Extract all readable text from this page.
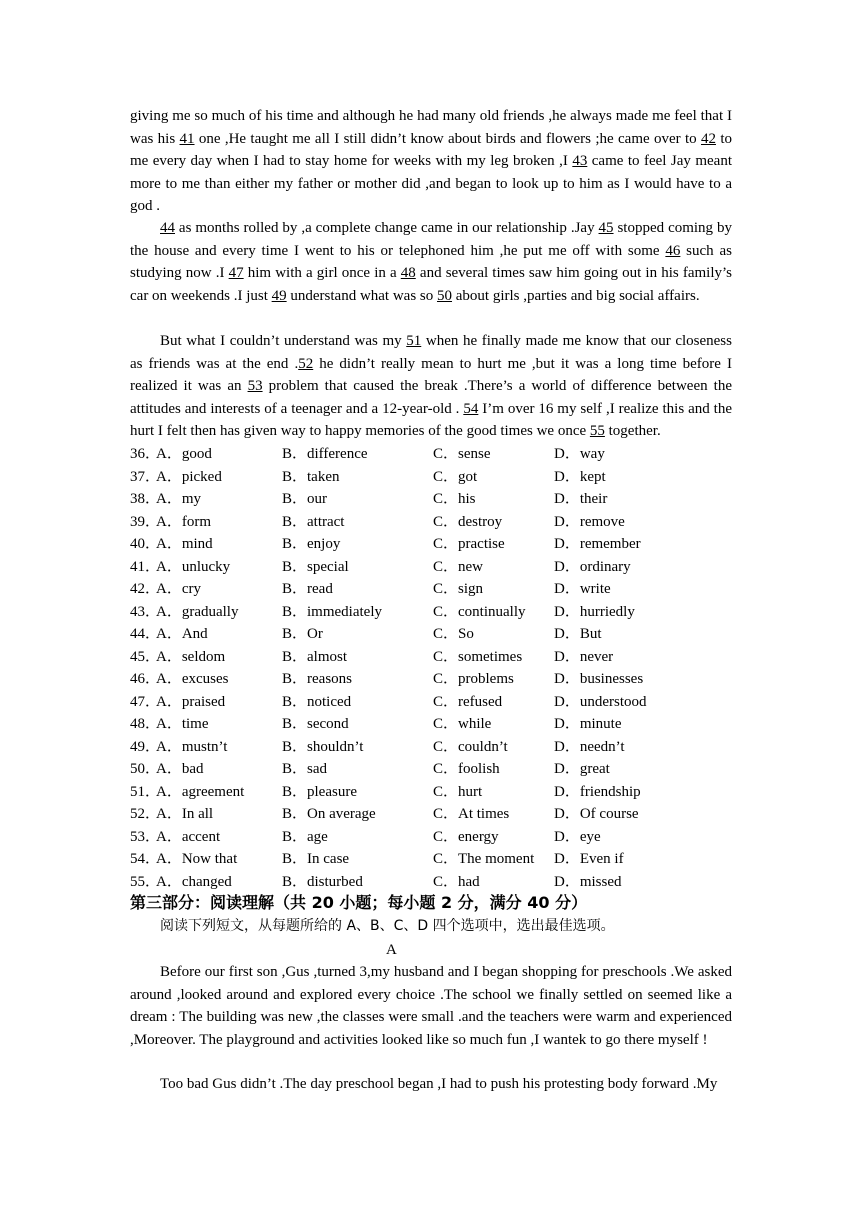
giving me so much of his time and although he had many old friends ,he always made me feel that I was his 41 one ,He taught me all I still didn’t know about birds and flowers ;he came over to 42 to me every day when I had to stay home for weeks with my leg broken ,I 43 came to feel Jay meant more to me than either my father or mother did ,and began to look up to him as I would have to a god .

44 as months rolled by ,a complete change came in our relationship .Jay 45 stopped coming by the house and every time I went to his or telephoned him ,he put me off with some 46 such as studying now .I 47 him with a girl once in a 48 and several times saw him going out in his family’s car on weekends .I just 49 understand what was so 50 about girls ,parties and big social affairs.

But what I couldn’t understand was my 51 when he finally made me know that our closeness as friends was at the end .52 he didn’t really mean to hurt me ,but it was a long time before I realized it was an 53 problem that caused the break .There’s a world of difference between the attitudes and interests of a teenager and a 12-year-old . 54 I’m over 16 my self ,I realize this and the hurt I felt then has given way to happy memories of the good times we once 55 together.

36．
A．good	B．difference	C．sense	D．way
37．
A．picked	B．taken	C．got	D．kept
38．
A．my	B．our	C．his	D．their
39．
A．form	B．attract	C．destroy	D．remove
40．
A．mind	B．enjoy	C．practise	D．remember
41．
A．unlucky	B．special	C．new	D．ordinary
42．
A．cry	B．read	C．sign	D．write
43．
A．gradually	B．immediately	C．continually D．hurriedly
44．
A．And	B．Or	C．So	D．But
45．
A．seldom	B．almost	C．sometimes D．never
46．
A．excuses	B．reasons	C．problems	D．businesses
47．
A．praised	B．noticed	C．refused	D．understood
48．
A．time	B．second	C．while	D．minute
49．
A．mustn’t	B．shouldn’t	C．couldn’t	D．needn’t
50．
A．bad	B．sad	C．foolish	D．great
51．
A．agreement	B．pleasure	C．hurt	D．friendship
52．
A．In all	B．On average	C．At times	D．Of course
53．
A．accent	B．age	C．energy	D．eye
54．
A．Now that	B．In case	C．The moment D．Even if
55．
A．changed	B．disturbed	C．had	D．missed
第三部分：阅读理解（共 20 小题；每小题 2 分，满分 40 分）
阅读下列短文，从每题所给的 A、B、C、D 四个选项中，选出最佳选项。
A

Before our first son ,Gus ,turned 3,my husband and I began shopping for preschools .We asked around ,looked around and explored every choice .The school we finally settled on seemed like a dream : The building was new ,the classes were small .and the teachers were warm and experienced ,Moreover. The playground and activities looked like so much fun ,I wantek to go there myself !

Too bad Gus didn’t .The day preschool began ,I had to push his protesting body forward .My
